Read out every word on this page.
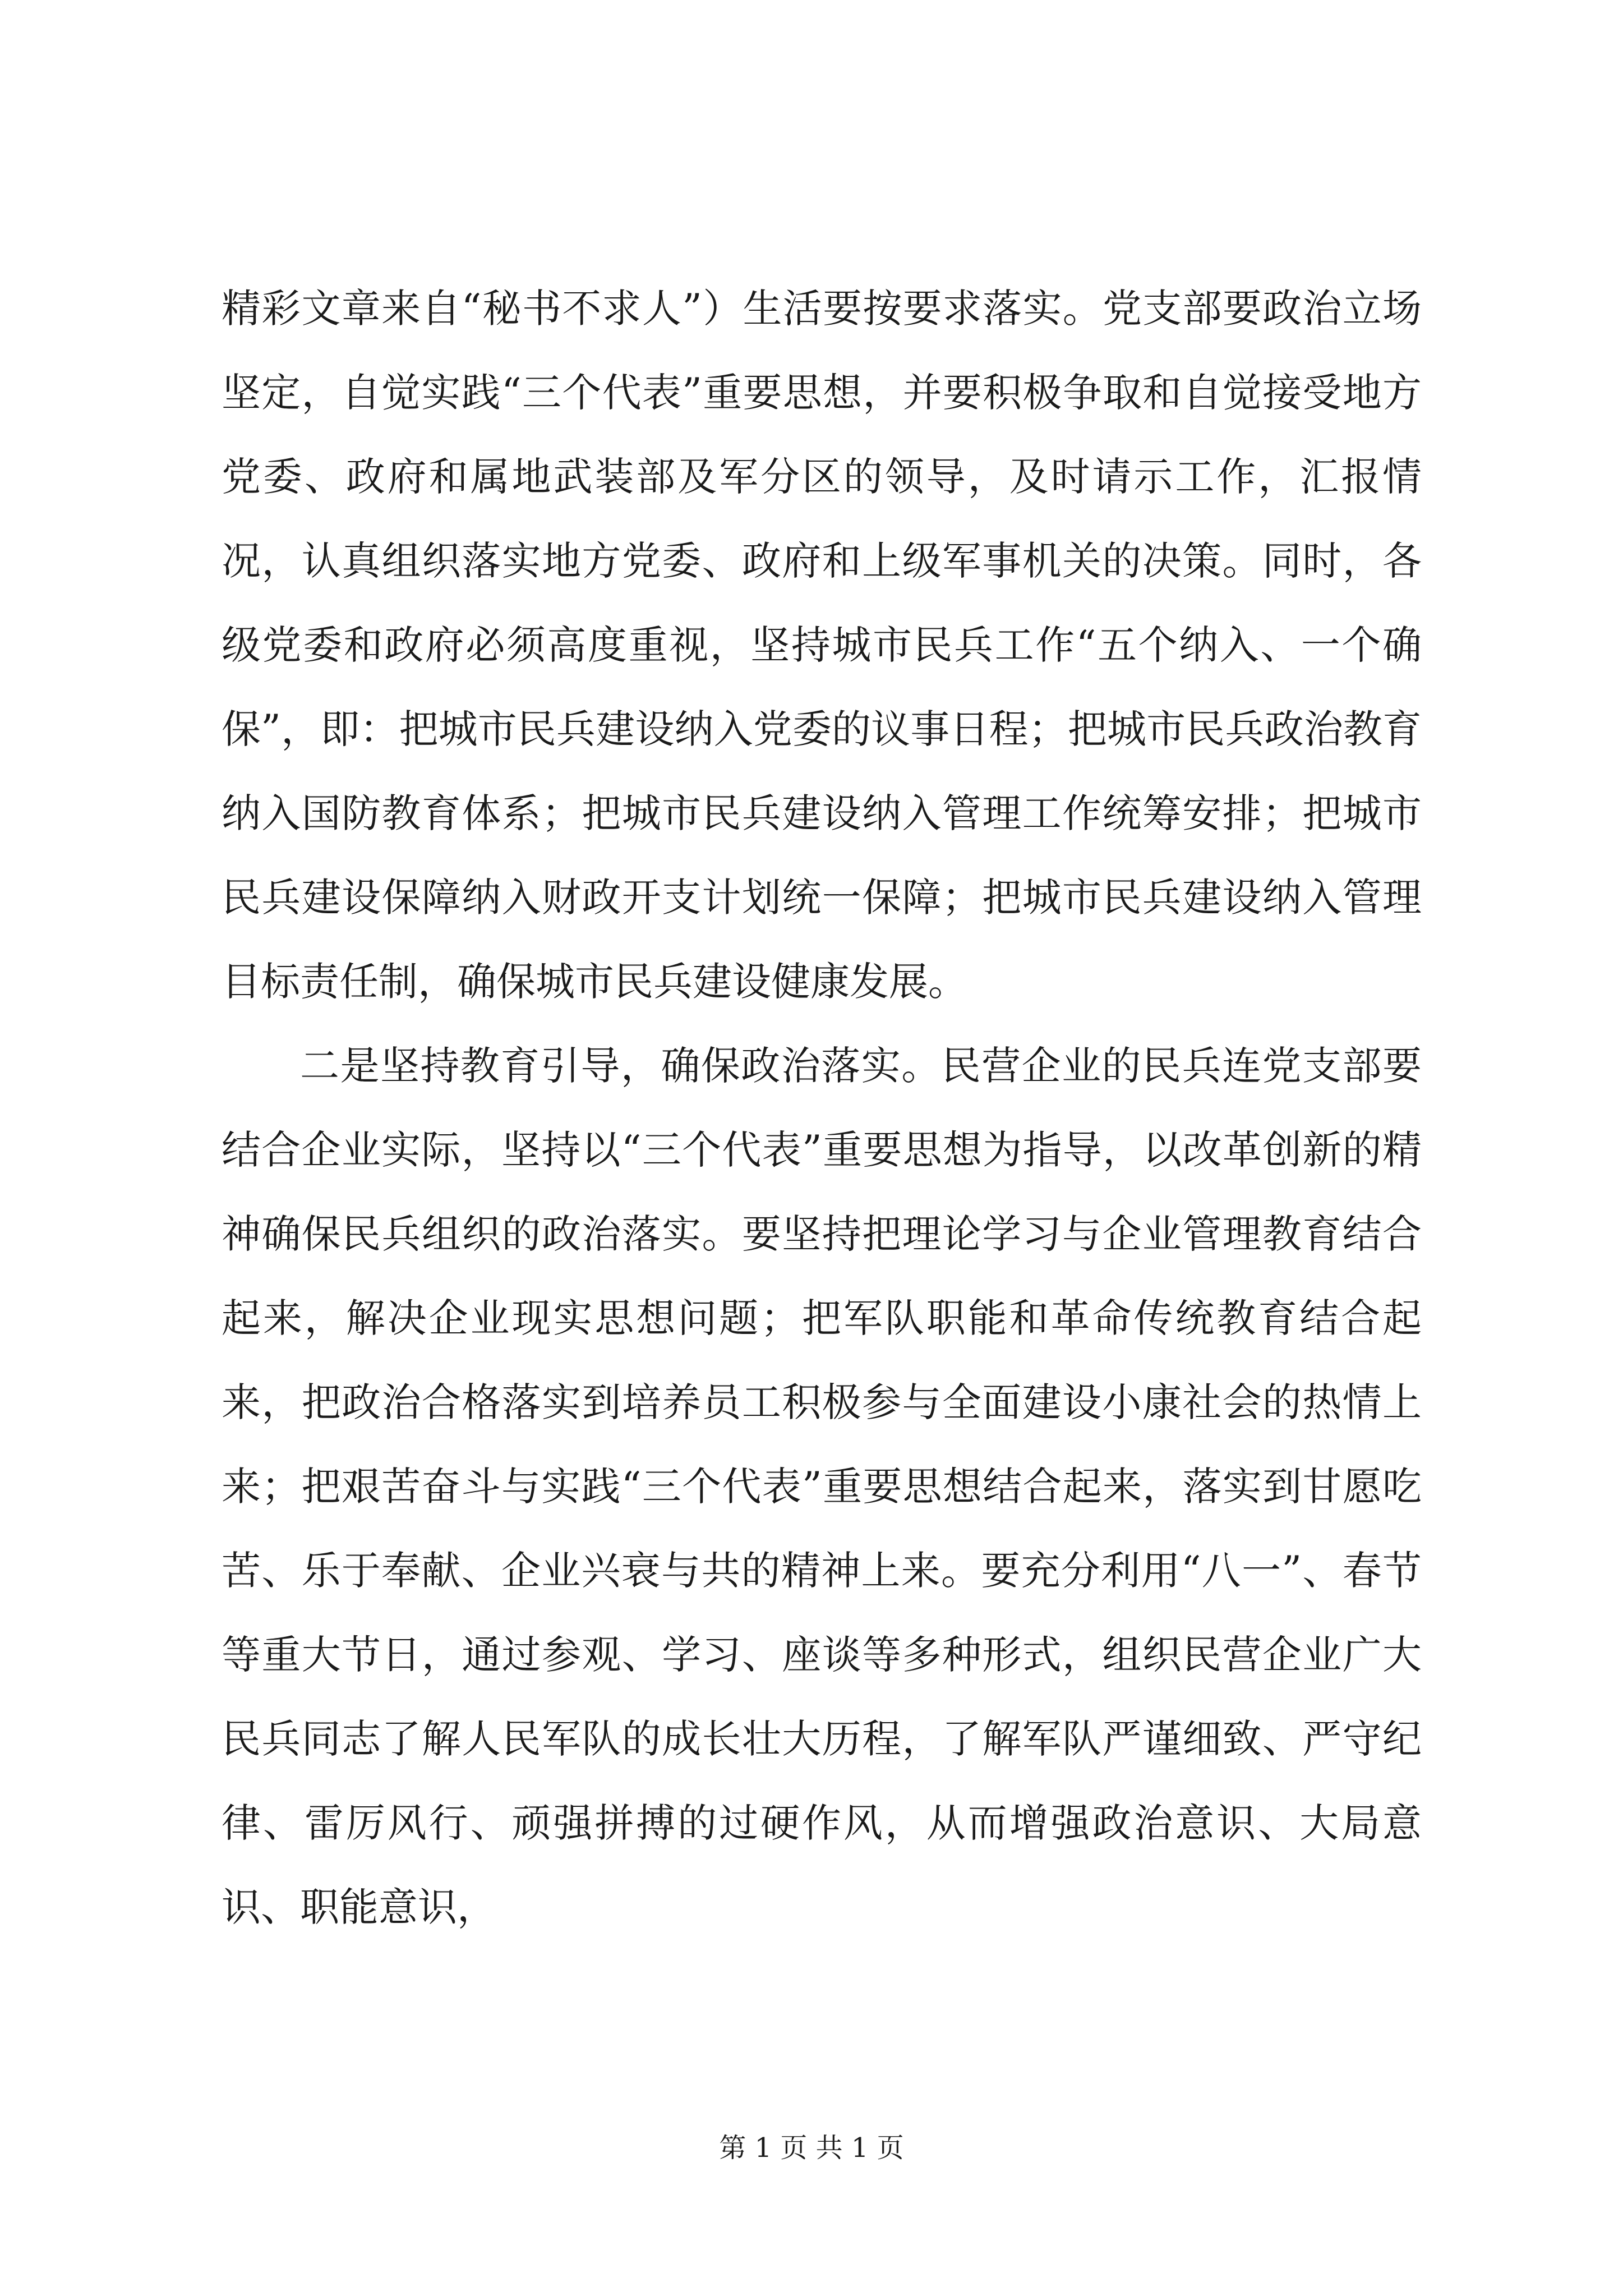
精彩文章来自“秘书不求人”）生活要按要求落实。党支部要政治立场坚定，自觉实践“三个代表”重要思想，并要积极争取和自觉接受地方党委、政府和属地武装部及军分区的领导，及时请示工作，汇报情况，认真组织落实地方党委、政府和上级军事机关的决策。同时，各级党委和政府必须高度重视，坚持城市民兵工作“五个纳入、一个确保”，即：把城市民兵建设纳入党委的议事日程；把城市民兵政治教育纳入国防教育体系；把城市民兵建设纳入管理工作统筹安排；把城市民兵建设保障纳入财政开支计划统一保障；把城市民兵建设纳入管理目标责任制，确保城市民兵建设健康发展。

二是坚持教育引导，确保政治落实。民营企业的民兵连党支部要结合企业实际，坚持以“三个代表”重要思想为指导，以改革创新的精神确保民兵组织的政治落实。要坚持把理论学习与企业管理教育结合起来，解决企业现实思想问题；把军队职能和革命传统教育结合起来，把政治合格落实到培养员工积极参与全面建设小康社会的热情上来；把艰苦奋斗与实践“三个代表”重要思想结合起来，落实到甘愿吃苦、乐于奉献、企业兴衰与共的精神上来。要充分利用“八一”、春节等重大节日，通过参观、学习、座谈等多种形式，组织民营企业广大民兵同志了解人民军队的成长壮大历程，了解军队严谨细致、严守纪律、雷厉风行、顽强拼搏的过硬作风，从而增强政治意识、大局意识、职能意识，

第 1 页 共 1 页
